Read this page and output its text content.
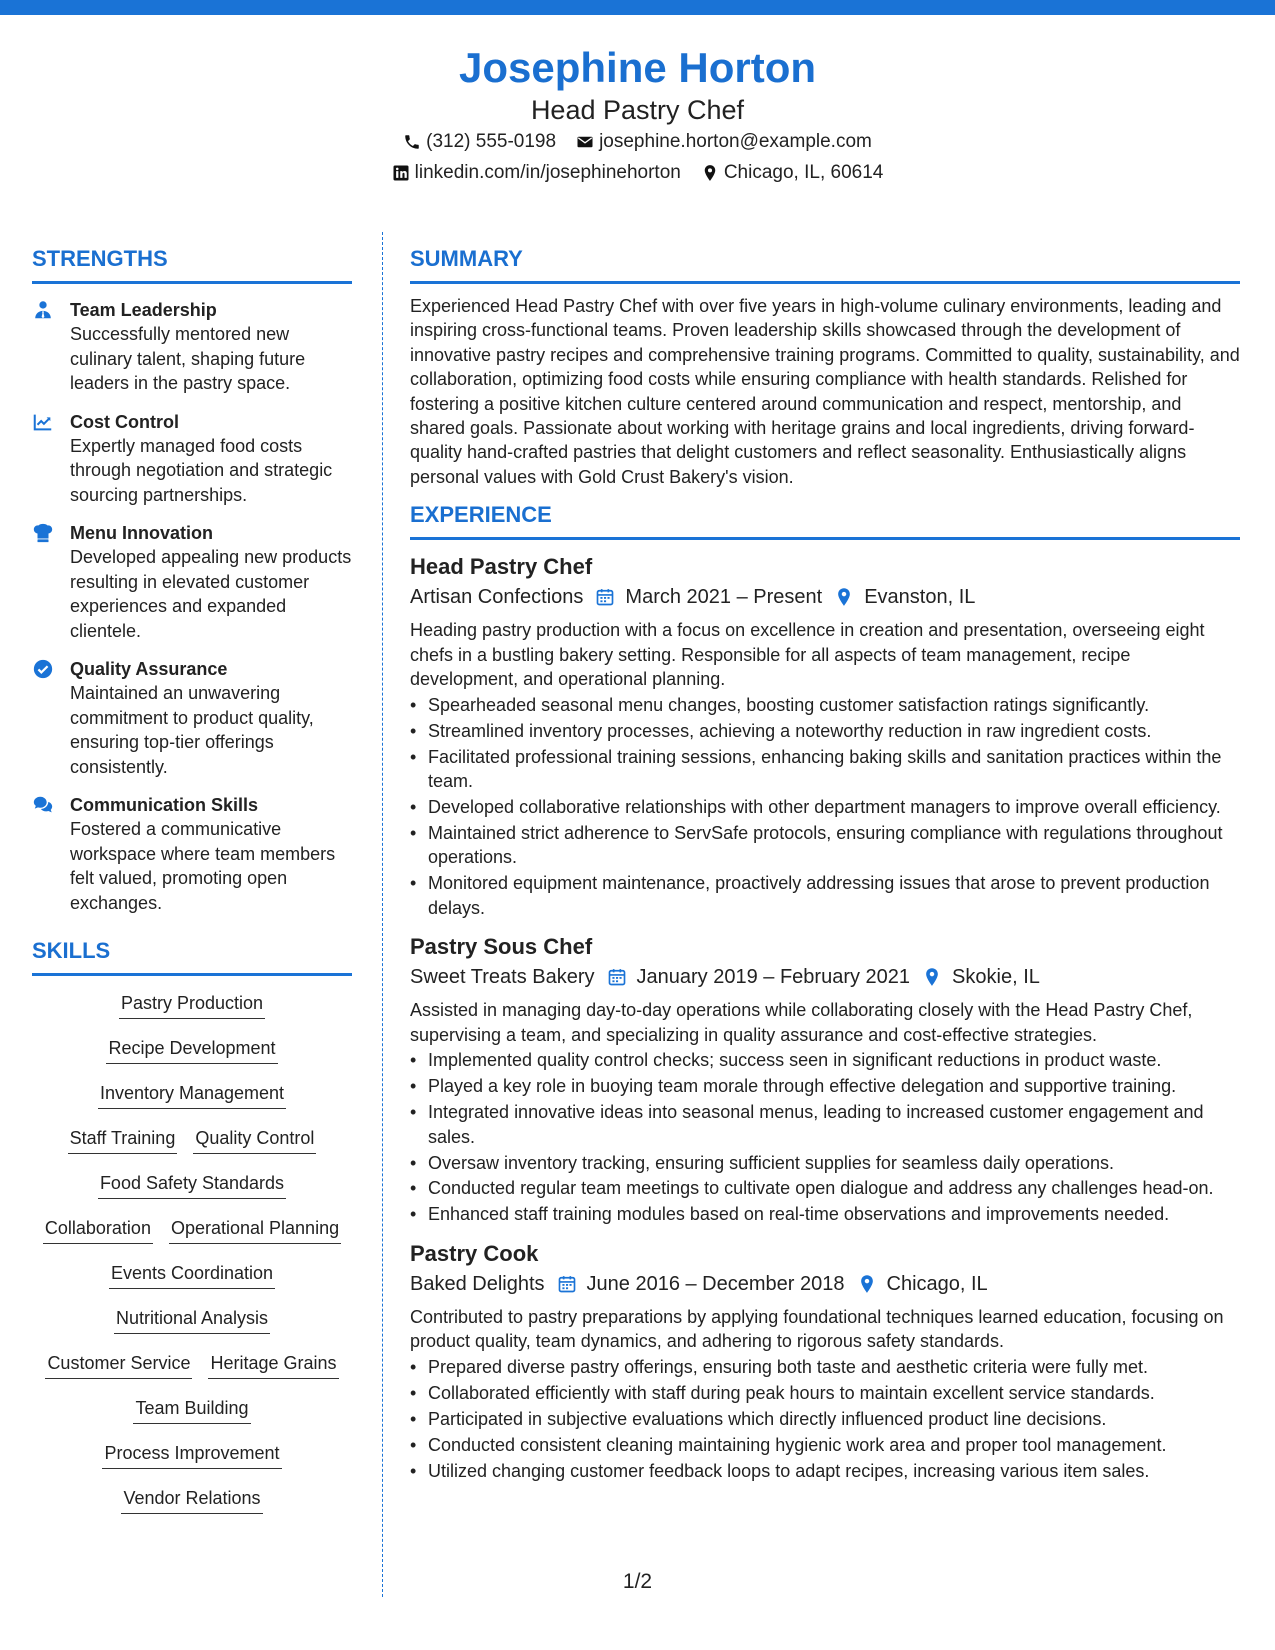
Josephine Horton
Head Pastry Chef
(312) 555-0198 josephine.horton@example.com
linkedin.com/in/josephinehorton Chicago, IL, 60614
STRENGTHS
Team Leadership
Successfully mentored new culinary talent, shaping future leaders in the pastry space.
Cost Control
Expertly managed food costs through negotiation and strategic sourcing partnerships.
Menu Innovation
Developed appealing new products resulting in elevated customer experiences and expanded clientele.
Quality Assurance
Maintained an unwavering commitment to product quality, ensuring top-tier offerings consistently.
Communication Skills
Fostered a communicative workspace where team members felt valued, promoting open exchanges.
SKILLS
Pastry Production
Recipe Development
Inventory Management
Staff Training Quality Control
Food Safety Standards
Collaboration Operational Planning
Events Coordination
Nutritional Analysis
Customer Service Heritage Grains
Team Building
Process Improvement
Vendor Relations
SUMMARY
Experienced Head Pastry Chef with over five years in high-volume culinary environments, leading and inspiring cross-functional teams. Proven leadership skills showcased through the development of innovative pastry recipes and comprehensive training programs. Committed to quality, sustainability, and collaboration, optimizing food costs while ensuring compliance with health standards. Relished for fostering a positive kitchen culture centered around communication and respect, mentorship, and shared goals. Passionate about working with heritage grains and local ingredients, driving forward-quality hand-crafted pastries that delight customers and reflect seasonality. Enthusiastically aligns personal values with Gold Crust Bakery's vision.
EXPERIENCE
Head Pastry Chef
Artisan Confections March 2021 – Present Evanston, IL
Heading pastry production with a focus on excellence in creation and presentation, overseeing eight chefs in a bustling bakery setting. Responsible for all aspects of team management, recipe development, and operational planning.
• Spearheaded seasonal menu changes, boosting customer satisfaction ratings significantly.
• Streamlined inventory processes, achieving a noteworthy reduction in raw ingredient costs.
• Facilitated professional training sessions, enhancing baking skills and sanitation practices within the team.
• Developed collaborative relationships with other department managers to improve overall efficiency.
• Maintained strict adherence to ServSafe protocols, ensuring compliance with regulations throughout operations.
• Monitored equipment maintenance, proactively addressing issues that arose to prevent production delays.
Pastry Sous Chef
Sweet Treats Bakery January 2019 – February 2021 Skokie, IL
Assisted in managing day-to-day operations while collaborating closely with the Head Pastry Chef, supervising a team, and specializing in quality assurance and cost-effective strategies.
• Implemented quality control checks; success seen in significant reductions in product waste.
• Played a key role in buoying team morale through effective delegation and supportive training.
• Integrated innovative ideas into seasonal menus, leading to increased customer engagement and sales.
• Oversaw inventory tracking, ensuring sufficient supplies for seamless daily operations.
• Conducted regular team meetings to cultivate open dialogue and address any challenges head-on.
• Enhanced staff training modules based on real-time observations and improvements needed.
Pastry Cook
Baked Delights June 2016 – December 2018 Chicago, IL
Contributed to pastry preparations by applying foundational techniques learned education, focusing on product quality, team dynamics, and adhering to rigorous safety standards.
• Prepared diverse pastry offerings, ensuring both taste and aesthetic criteria were fully met.
• Collaborated efficiently with staff during peak hours to maintain excellent service standards.
• Participated in subjective evaluations which directly influenced product line decisions.
• Conducted consistent cleaning maintaining hygienic work area and proper tool management.
• Utilized changing customer feedback loops to adapt recipes, increasing various item sales.
1/2
